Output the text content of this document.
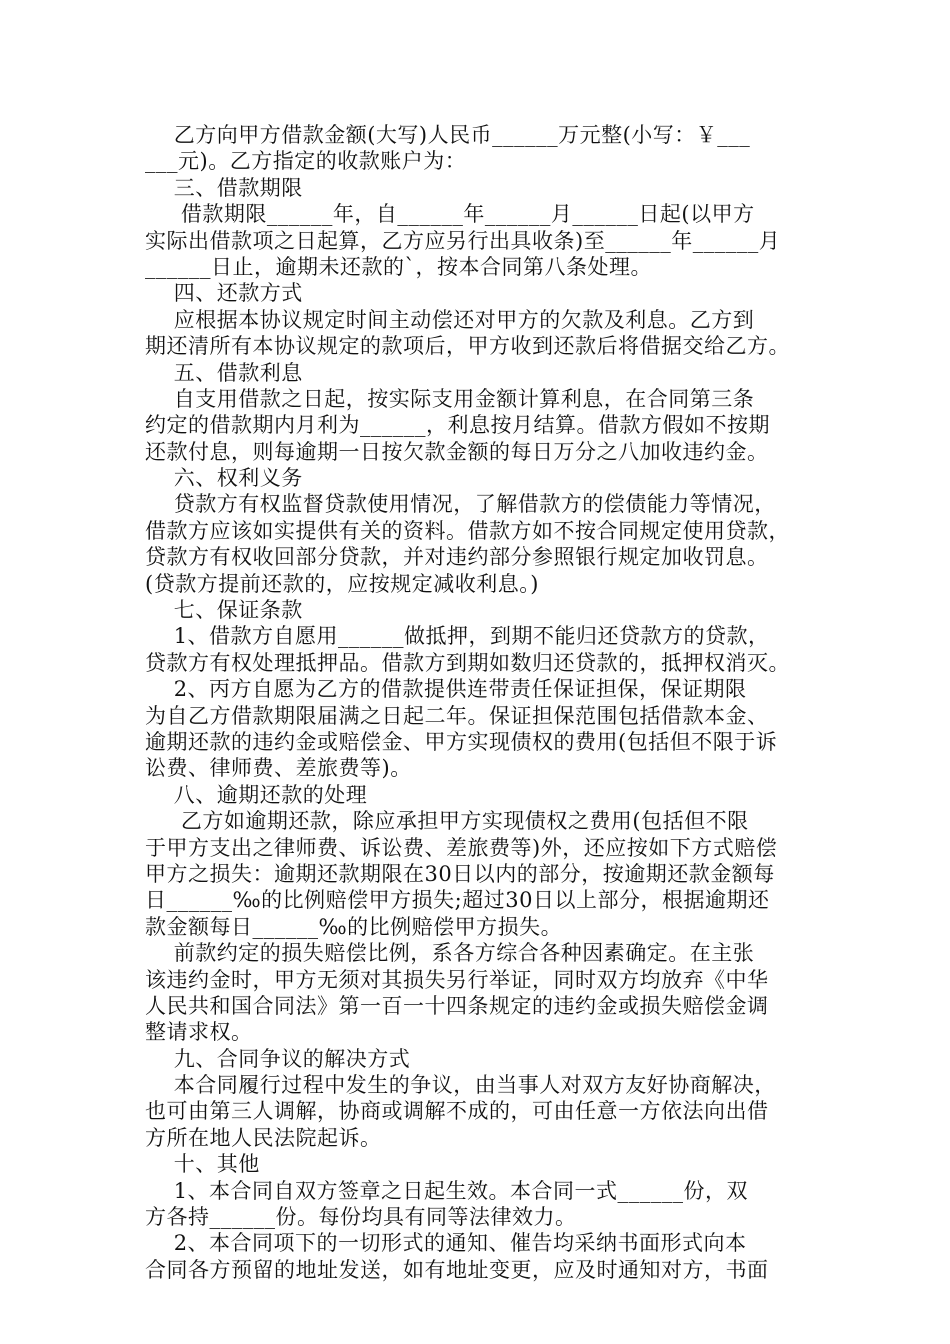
乙方向甲方借款金额(大写)人民币______万元整(小写：￥___
___元)。乙方指定的收款账户为：
三、借款期限
借款期限______年，自______年______月______日起(以甲方
实际出借款项之日起算，乙方应另行出具收条)至______年______月
______日止，逾期未还款的`，按本合同第八条处理。
四、还款方式
应根据本协议规定时间主动偿还对甲方的欠款及利息。乙方到
期还清所有本协议规定的款项后，甲方收到还款后将借据交给乙方。
五、借款利息
自支用借款之日起，按实际支用金额计算利息，在合同第三条
约定的借款期内月利为______，利息按月结算。借款方假如不按期
还款付息，则每逾期一日按欠款金额的每日万分之八加收违约金。
六、权利义务
贷款方有权监督贷款使用情况，了解借款方的偿债能力等情况，
借款方应该如实提供有关的资料。借款方如不按合同规定使用贷款，
贷款方有权收回部分贷款，并对违约部分参照银行规定加收罚息。
(贷款方提前还款的，应按规定减收利息。)
七、保证条款
1、借款方自愿用______做抵押，到期不能归还贷款方的贷款，
贷款方有权处理抵押品。借款方到期如数归还贷款的，抵押权消灭。
2、丙方自愿为乙方的借款提供连带责任保证担保，保证期限
为自乙方借款期限届满之日起二年。保证担保范围包括借款本金、
逾期还款的违约金或赔偿金、甲方实现债权的费用(包括但不限于诉
讼费、律师费、差旅费等)。
八、逾期还款的处理
乙方如逾期还款，除应承担甲方实现债权之费用(包括但不限
于甲方支出之律师费、诉讼费、差旅费等)外，还应按如下方式赔偿
甲方之损失：逾期还款期限在30日以内的部分，按逾期还款金额每
日______‰的比例赔偿甲方损失;超过30日以上部分，根据逾期还
款金额每日______‰的比例赔偿甲方损失。
前款约定的损失赔偿比例，系各方综合各种因素确定。在主张
该违约金时，甲方无须对其损失另行举证，同时双方均放弃《中华
人民共和国合同法》第一百一十四条规定的违约金或损失赔偿金调
整请求权。
九、合同争议的解决方式
本合同履行过程中发生的争议，由当事人对双方友好协商解决，
也可由第三人调解，协商或调解不成的，可由任意一方依法向出借
方所在地人民法院起诉。
十、其他
1、本合同自双方签章之日起生效。本合同一式______份，双
方各持______份。每份均具有同等法律效力。
2、本合同项下的一切形式的通知、催告均采纳书面形式向本
合同各方预留的地址发送，如有地址变更，应及时通知对方，书面
